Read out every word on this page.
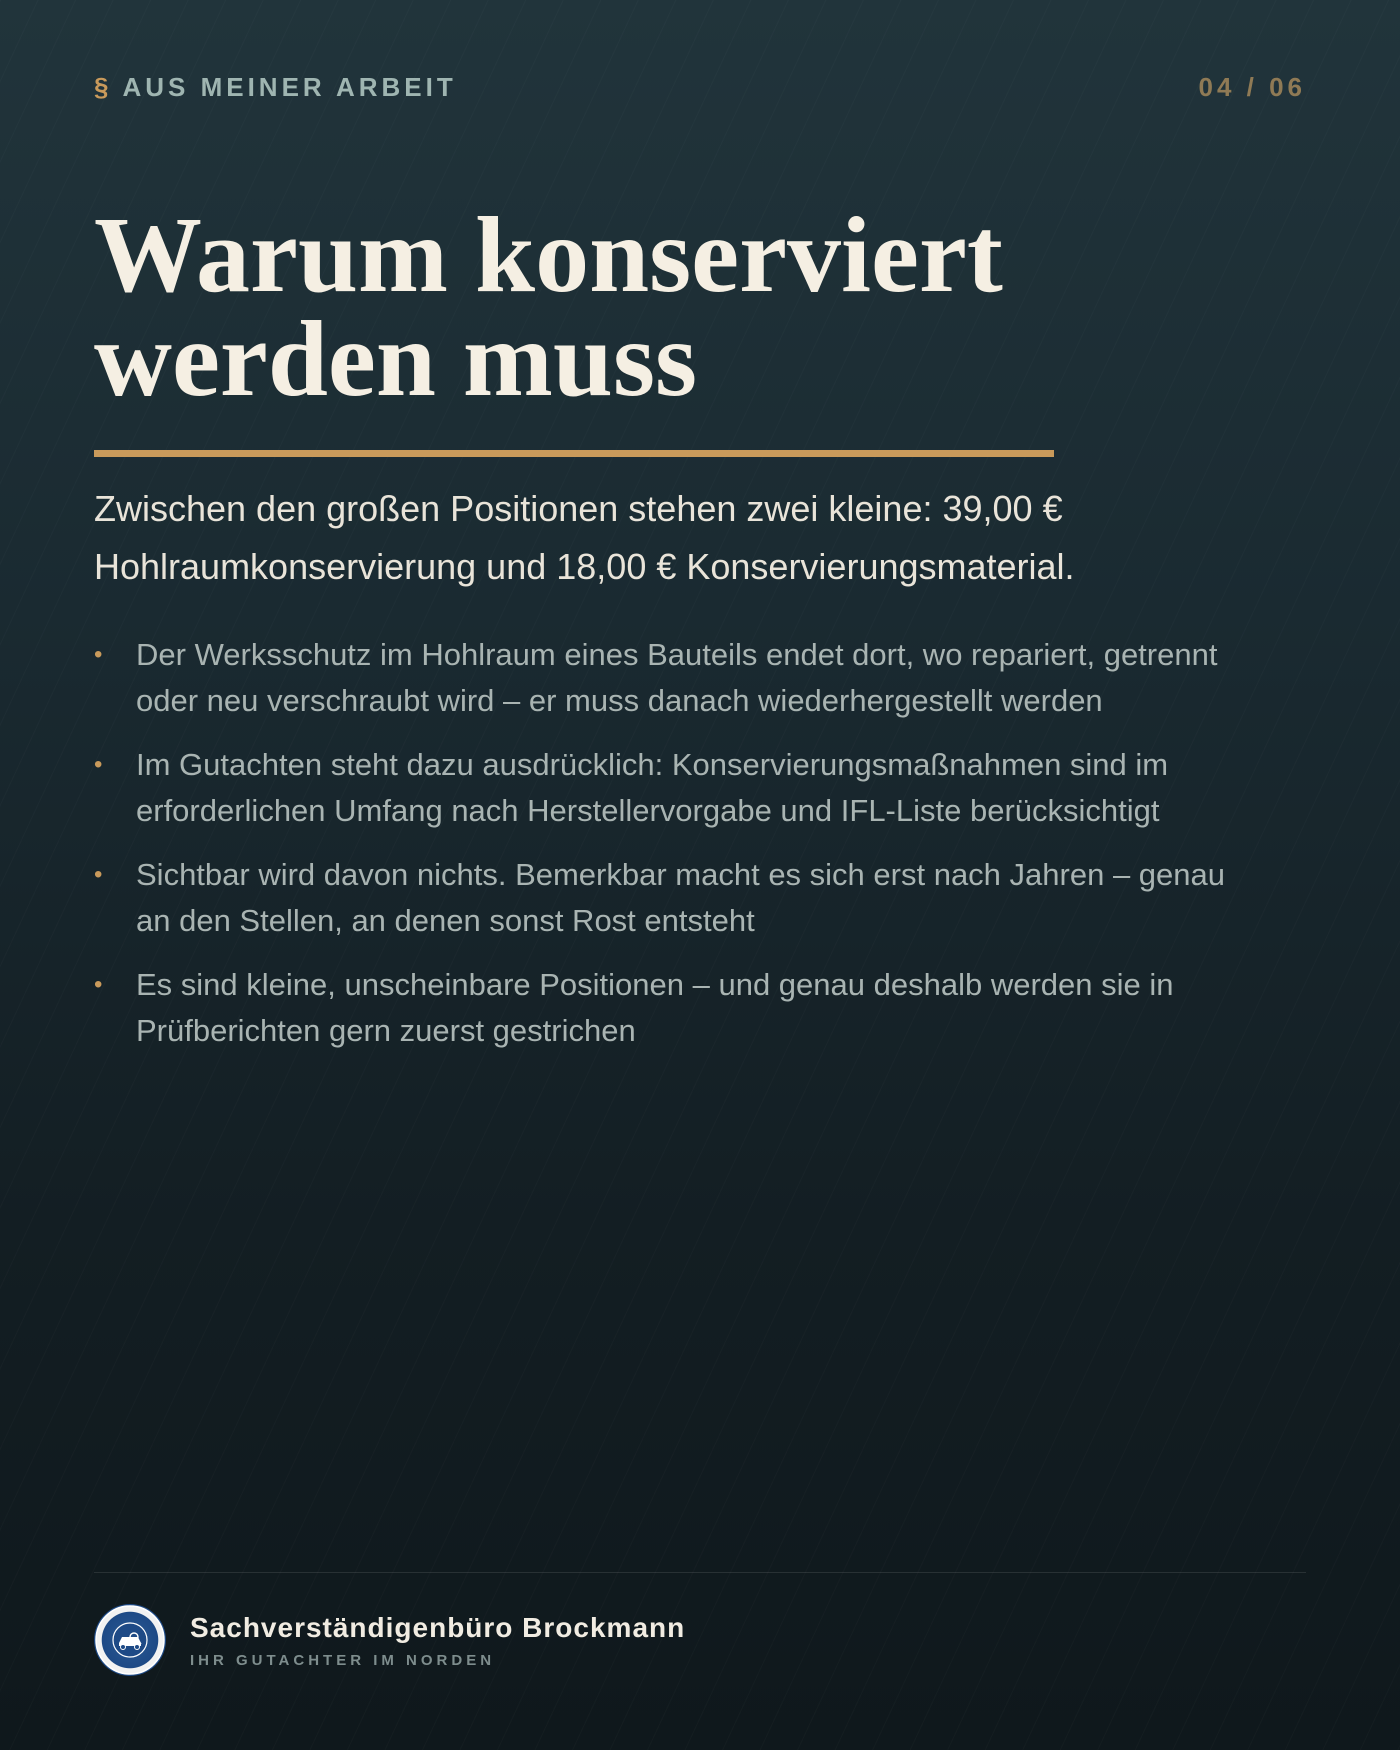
§ AUS MEINER ARBEIT	04 / 06
Warum konserviert
werden muss

Zwischen den großen Positionen stehen zwei kleine: 39,00 €
Hohlraumkonservierung und 18,00 € Konservierungsmaterial.

•	Der Werksschutz im Hohlraum eines Bauteils endet dort, wo repariert, getrennt
oder neu verschraubt wird – er muss danach wiederhergestellt werden
•	Im Gutachten steht dazu ausdrücklich: Konservierungsmaßnahmen sind im
erforderlichen Umfang nach Herstellervorgabe und IFL-Liste berücksichtigt
•	Sichtbar wird davon nichts. Bemerkbar macht es sich erst nach Jahren – genau
an den Stellen, an denen sonst Rost entsteht
•	Es sind kleine, unscheinbare Positionen – und genau deshalb werden sie in
Prüfberichten gern zuerst gestrichen
Sachverständigenbüro Brockmann
IHR GUTACHTER IM NORDEN
